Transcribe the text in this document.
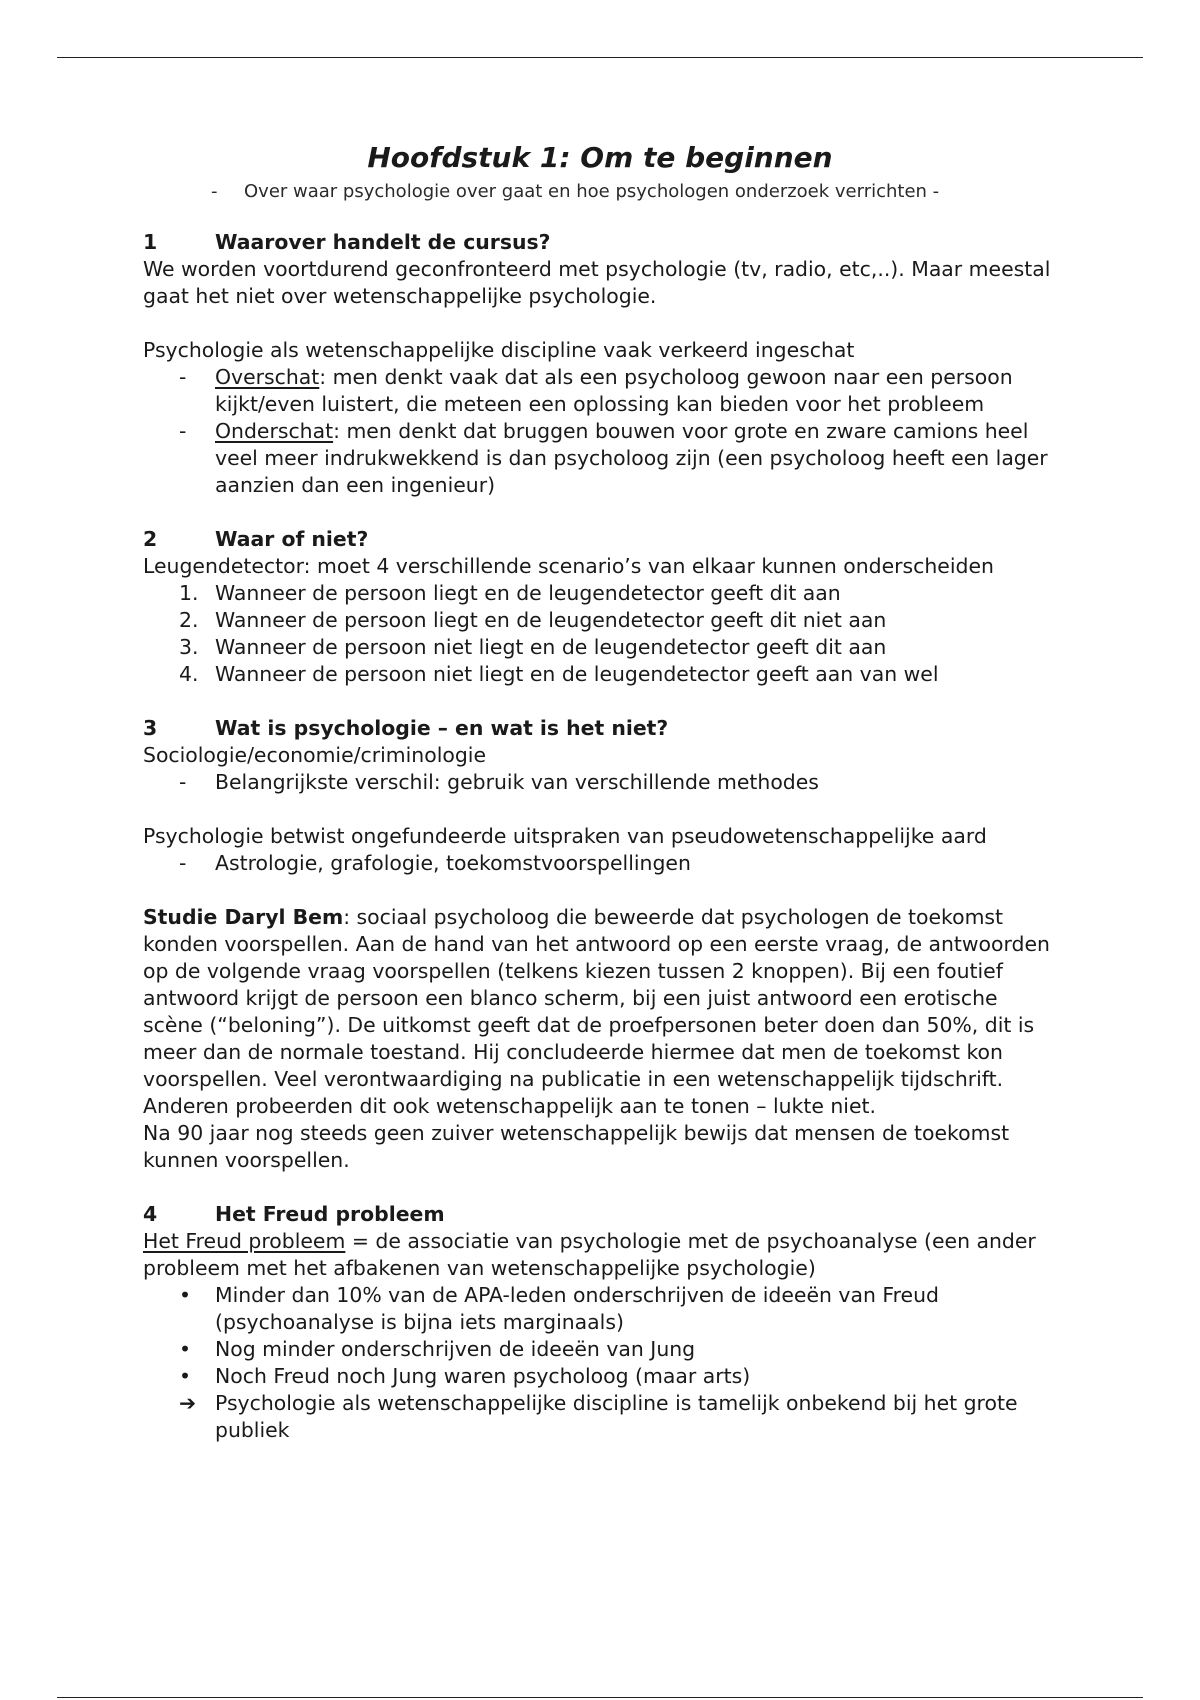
Hoofdstuk 1: Om te beginnen
- Over waar psychologie over gaat en hoe psychologen onderzoek verrichten -

1	Waarover handelt de cursus?

We worden voortdurend geconfronteerd met psychologie (tv, radio, etc,..). Maar meestal gaat het niet over wetenschappelijke psychologie.

Psychologie als wetenschappelijke discipline vaak verkeerd ingeschat

-	Overschat: men denkt vaak dat als een psycholoog gewoon naar een persoon kijkt/even luistert, die meteen een oplossing kan bieden voor het probleem
-	Onderschat: men denkt dat bruggen bouwen voor grote en zware camions heel veel meer indrukwekkend is dan psycholoog zijn (een psycholoog heeft een lager aanzien dan een ingenieur)

2	Waar of niet?

Leugendetector: moet 4 verschillende scenario’s van elkaar kunnen onderscheiden

1. Wanneer de persoon liegt en de leugendetector geeft dit aan
2. Wanneer de persoon liegt en de leugendetector geeft dit niet aan
3. Wanneer de persoon niet liegt en de leugendetector geeft dit aan
4. Wanneer de persoon niet liegt en de leugendetector geeft aan van wel

3	Wat is psychologie – en wat is het niet?

Sociologie/economie/criminologie

-	Belangrijkste verschil: gebruik van verschillende methodes

Psychologie betwist ongefundeerde uitspraken van pseudowetenschappelijke aard

-	Astrologie, grafologie, toekomstvoorspellingen

Studie Daryl Bem: sociaal psycholoog die beweerde dat psychologen de toekomst konden voorspellen. Aan de hand van het antwoord op een eerste vraag, de antwoorden op de volgende vraag voorspellen (telkens kiezen tussen 2 knoppen). Bij een foutief antwoord krijgt de persoon een blanco scherm, bij een juist antwoord een erotische scène (“beloning”). De uitkomst geeft dat de proefpersonen beter doen dan 50%, dit is meer dan de normale toestand. Hij concludeerde hiermee dat men de toekomst kon voorspellen. Veel verontwaardiging na publicatie in een wetenschappelijk tijdschrift. Anderen probeerden dit ook wetenschappelijk aan te tonen – lukte niet.

Na 90 jaar nog steeds geen zuiver wetenschappelijk bewijs dat mensen de toekomst kunnen voorspellen.

4	Het Freud probleem

Het Freud probleem = de associatie van psychologie met de psychoanalyse (een ander probleem met het afbakenen van wetenschappelijke psychologie)

•	Minder dan 10% van de APA-leden onderschrijven de ideeën van Freud (psychoanalyse is bijna iets marginaals)
•	Nog minder onderschrijven de ideeën van Jung
•	Noch Freud noch Jung waren psycholoog (maar arts)
➔ Psychologie als wetenschappelijke discipline is tamelijk onbekend bij het grote publiek
